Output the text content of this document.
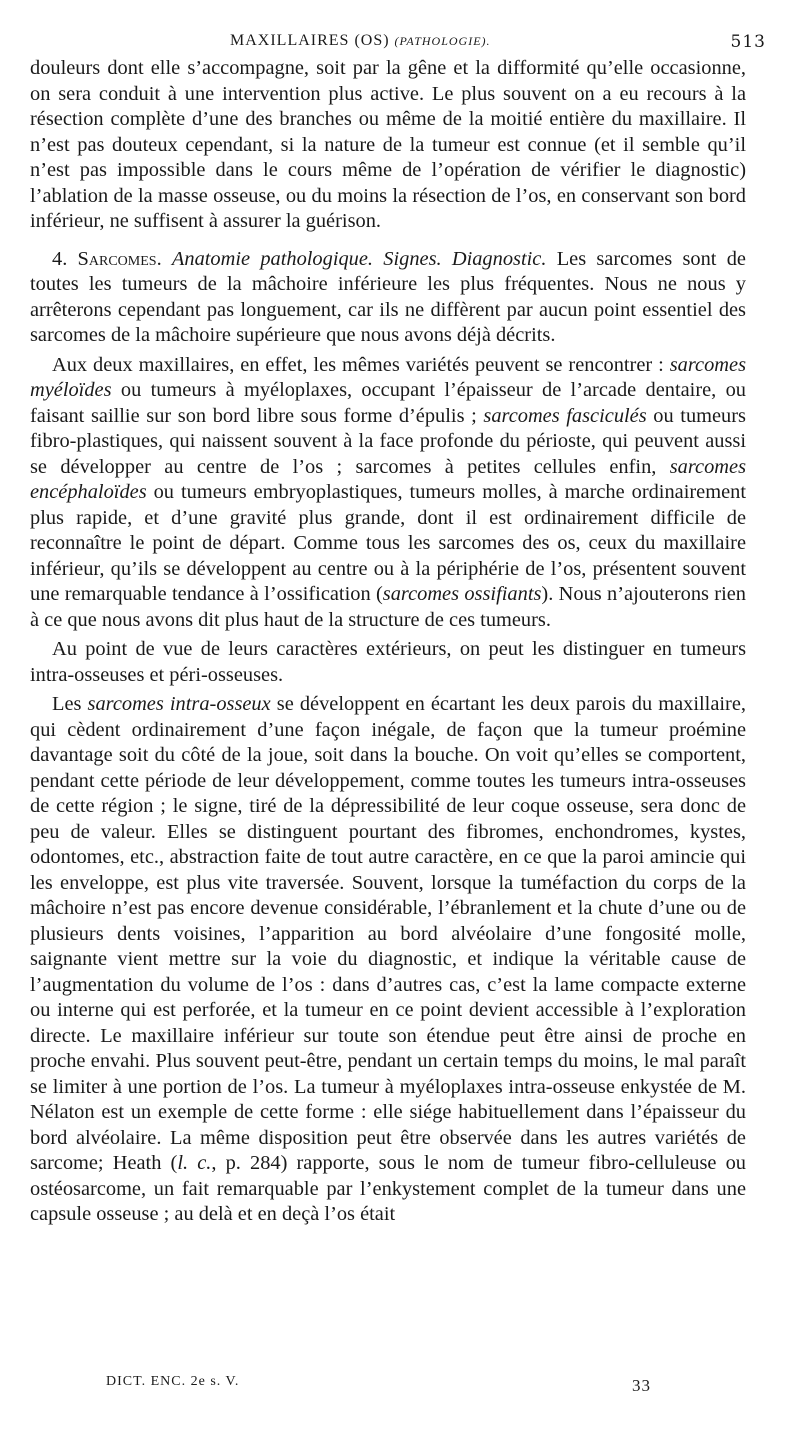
MAXILLAIRES (OS) (PATHOLOGIE).	513

douleurs dont elle s’accompagne, soit par la gêne et la difformité qu’elle occasionne, on sera conduit à une intervention plus active. Le plus souvent on a eu recours à la résection complète d’une des branches ou même de la moitié entière du maxillaire. Il n’est pas douteux cependant, si la nature de la tumeur est connue (et il semble qu’il n’est pas impossible dans le cours même de l’opération de vérifier le diagnostic) l’ablation de la masse osseuse, ou du moins la résection de l’os, en conservant son bord inférieur, ne suffisent à assurer la guérison.

4. Sarcomes. Anatomie pathologique. Signes. Diagnostic. Les sarcomes sont de toutes les tumeurs de la mâchoire inférieure les plus fréquentes. Nous ne nous y arrêterons cependant pas longuement, car ils ne diffèrent par aucun point essentiel des sarcomes de la mâchoire supérieure que nous avons déjà décrits.

Aux deux maxillaires, en effet, les mêmes variétés peuvent se rencontrer : sarcomes myéloïdes ou tumeurs à myéloplaxes, occupant l’épaisseur de l’arcade dentaire, ou faisant saillie sur son bord libre sous forme d’épulis ; sarcomes fasciculés ou tumeurs fibro-plastiques, qui naissent souvent à la face profonde du périoste, qui peuvent aussi se développer au centre de l’os ; sarcomes à petites cellules enfin, sarcomes encéphaloïdes ou tumeurs embryoplastiques, tumeurs molles, à marche ordinairement plus rapide, et d’une gravité plus grande, dont il est ordinairement difficile de reconnaître le point de départ. Comme tous les sarcomes des os, ceux du maxillaire inférieur, qu’ils se développent au centre ou à la périphérie de l’os, présentent souvent une remarquable tendance à l’ossification (sarcomes ossifiants). Nous n’ajouterons rien à ce que nous avons dit plus haut de la structure de ces tumeurs.

Au point de vue de leurs caractères extérieurs, on peut les distinguer en tumeurs intra-osseuses et péri-osseuses.

Les sarcomes intra-osseux se développent en écartant les deux parois du maxillaire, qui cèdent ordinairement d’une façon inégale, de façon que la tumeur proémine davantage soit du côté de la joue, soit dans la bouche. On voit qu’elles se comportent, pendant cette période de leur développement, comme toutes les tumeurs intra-osseuses de cette région ; le signe, tiré de la dépressibilité de leur coque osseuse, sera donc de peu de valeur. Elles se distinguent pourtant des fibromes, enchondromes, kystes, odontomes, etc., abstraction faite de tout autre caractère, en ce que la paroi amincie qui les enveloppe, est plus vite traversée. Souvent, lorsque la tuméfaction du corps de la mâchoire n’est pas encore devenue considérable, l’ébranlement et la chute d’une ou de plusieurs dents voisines, l’apparition au bord alvéolaire d’une fongosité molle, saignante vient mettre sur la voie du diagnostic, et indique la véritable cause de l’augmentation du volume de l’os : dans d’autres cas, c’est la lame compacte externe ou interne qui est perforée, et la tumeur en ce point devient accessible à l’exploration directe. Le maxillaire inférieur sur toute son étendue peut être ainsi de proche en proche envahi. Plus souvent peut-être, pendant un certain temps du moins, le mal paraît se limiter à une portion de l’os. La tumeur à myéloplaxes intra-osseuse enkystée de M. Nélaton est un exemple de cette forme : elle siége habituellement dans l’épaisseur du bord alvéolaire. La même disposition peut être observée dans les autres variétés de sarcome; Heath (l. c., p. 284) rapporte, sous le nom de tumeur fibro-celluleuse ou ostéosarcome, un fait remarquable par l’enkystement complet de la tumeur dans une capsule osseuse ; au delà et en deçà l’os était

DICT. ENC. 2e s. V.	33
